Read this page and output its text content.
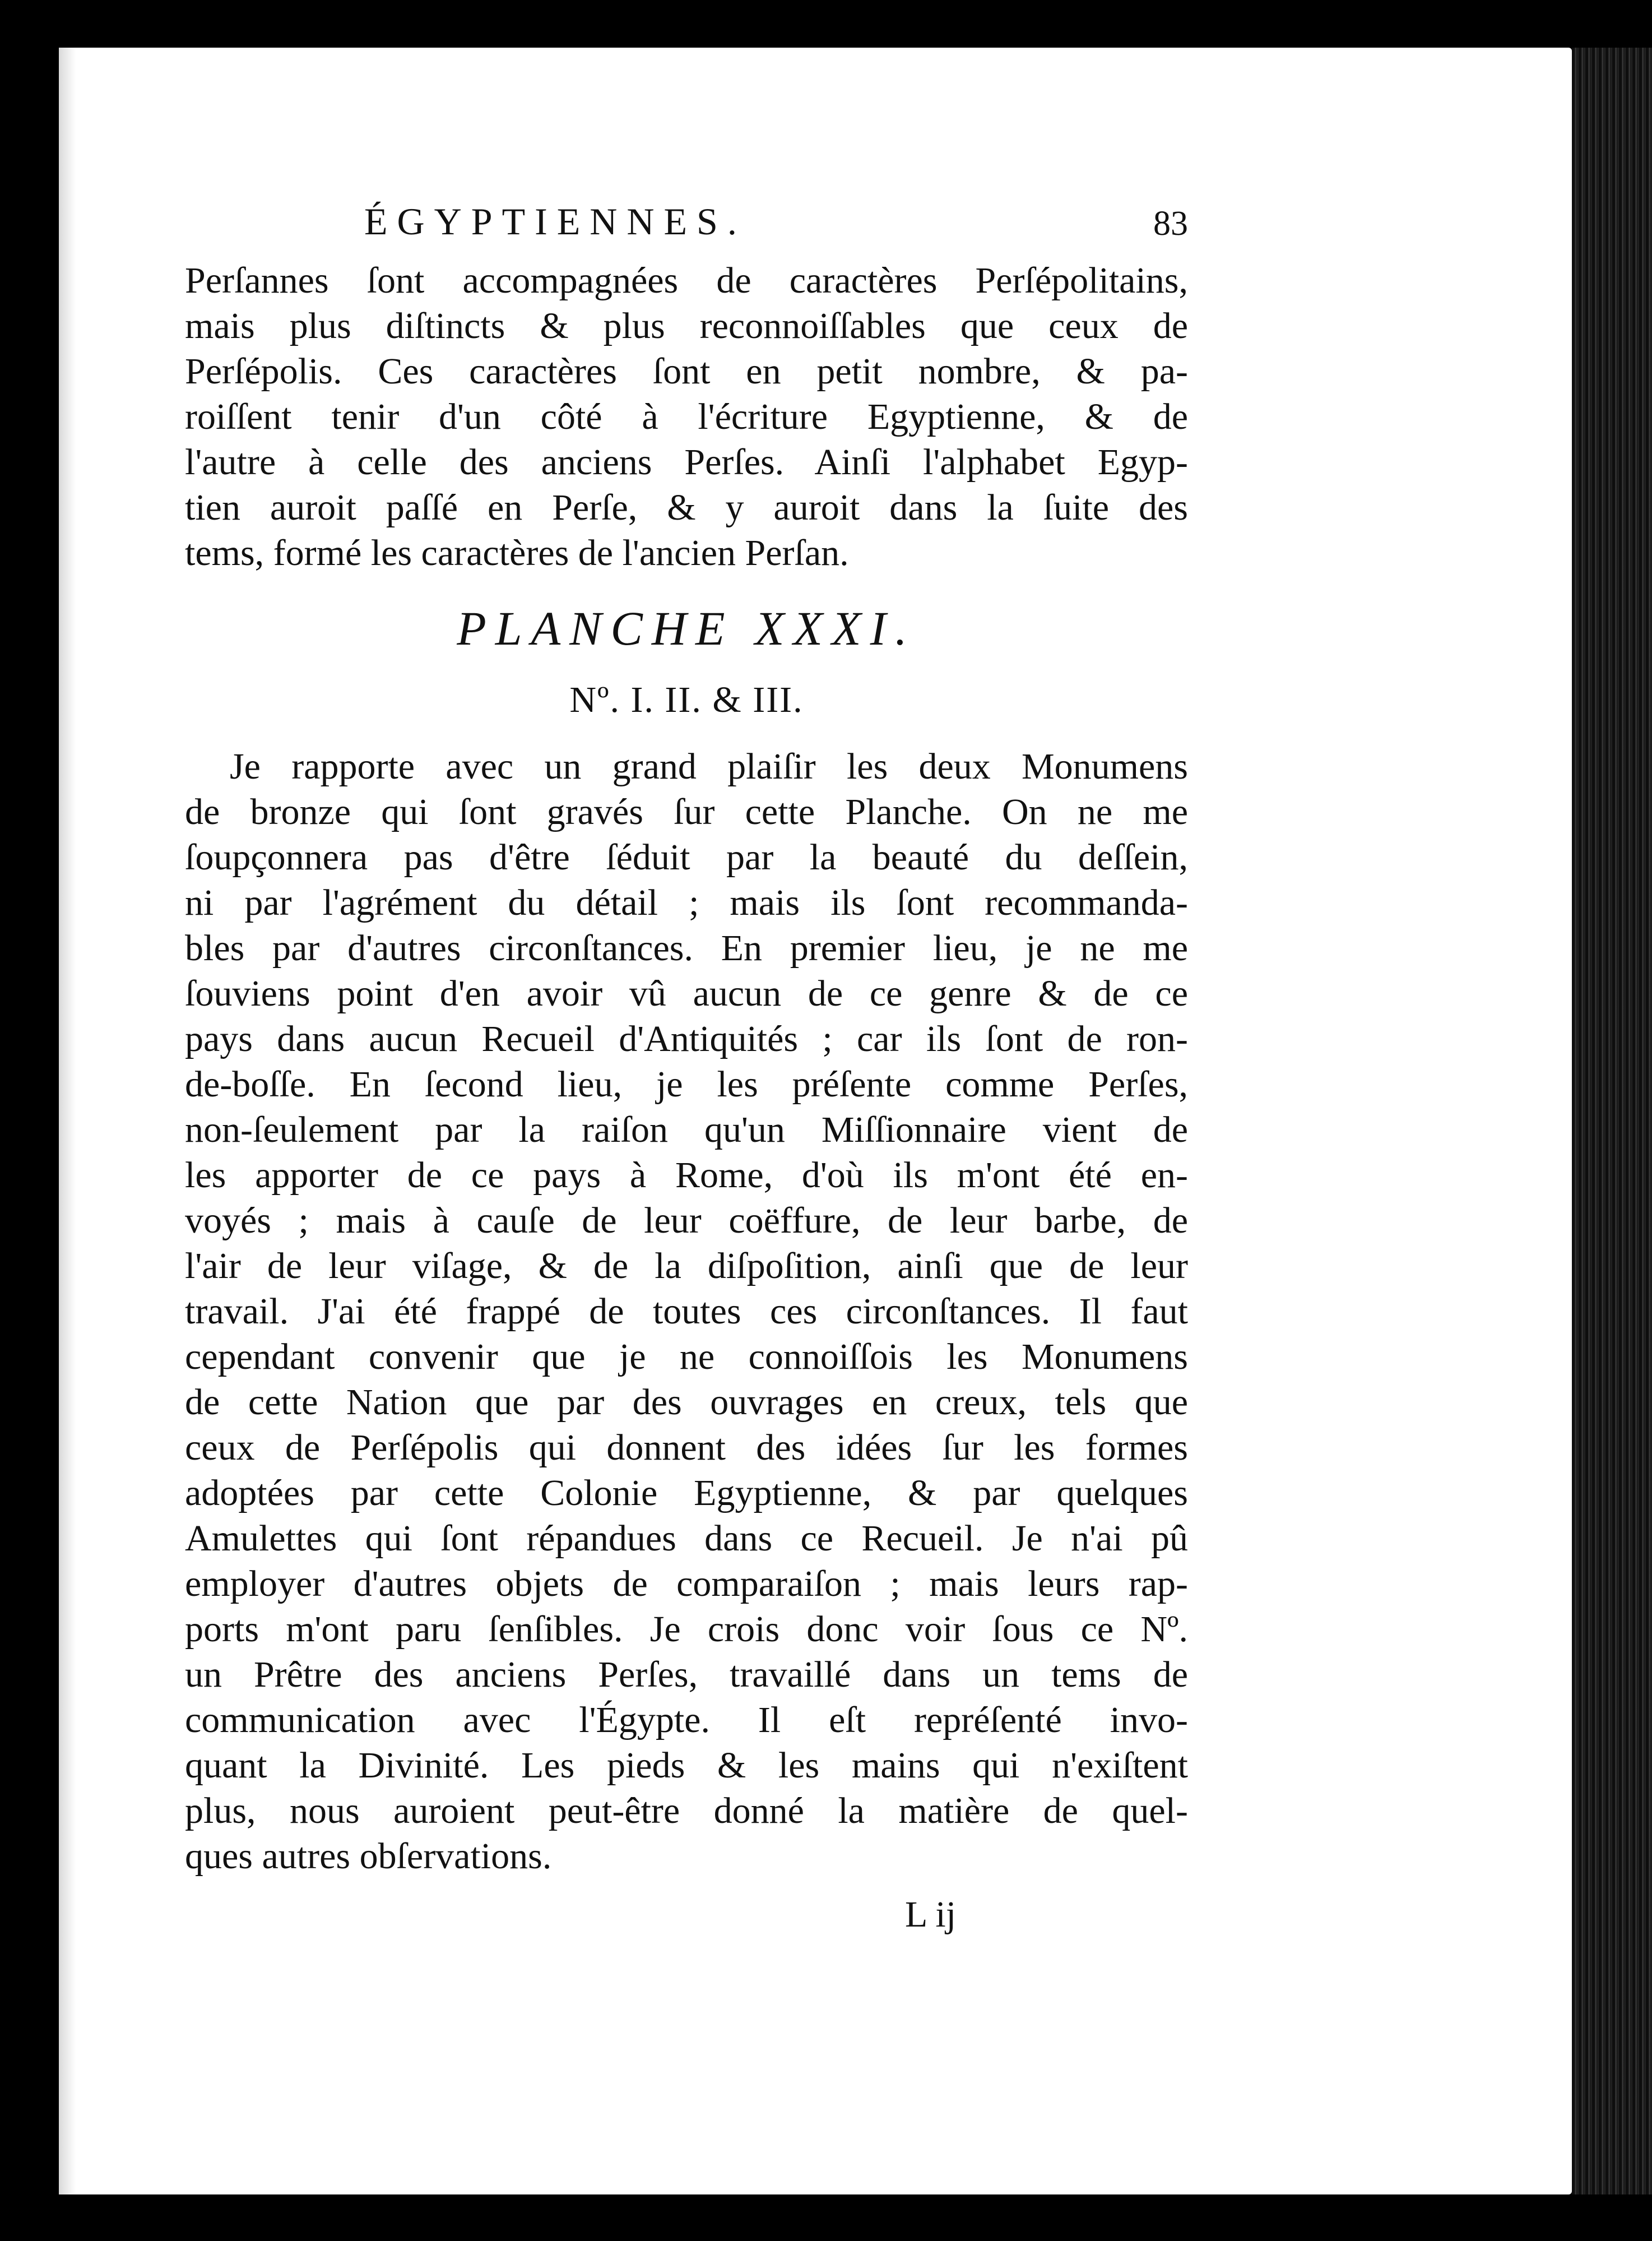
ÉGYPTIENNES.	83

Perſannes ſont accompagnées de caractères Perſépolitains,
mais plus diſtincts & plus reconnoiſſables que ceux de
Perſépolis. Ces caractères ſont en petit nombre, & pa-
roiſſent tenir d'un côté à l'écriture Egyptienne, & de
l'autre à celle des anciens Perſes. Ainſi l'alphabet Egyp-
tien auroit paſſé en Perſe, & y auroit dans la ſuite des
tems, formé les caractères de l'ancien Perſan.

PLANCHE XXXI.
Nº. I. II. & III.

Je rapporte avec un grand plaiſir les deux Monumens
de bronze qui ſont gravés ſur cette Planche. On ne me
ſoupçonnera pas d'être ſéduit par la beauté du deſſein,
ni par l'agrément du détail ; mais ils ſont recommanda-
bles par d'autres circonſtances. En premier lieu, je ne me
ſouviens point d'en avoir vû aucun de ce genre & de ce
pays dans aucun Recueil d'Antiquités ; car ils ſont de ron-
de-boſſe. En ſecond lieu, je les préſente comme Perſes,
non-ſeulement par la raiſon qu'un Miſſionnaire vient de
les apporter de ce pays à Rome, d'où ils m'ont été en-
voyés ; mais à cauſe de leur coëffure, de leur barbe, de
l'air de leur viſage, & de la diſpoſition, ainſi que de leur
travail. J'ai été frappé de toutes ces circonſtances. Il faut
cependant convenir que je ne connoiſſois les Monumens
de cette Nation que par des ouvrages en creux, tels que
ceux de Perſépolis qui donnent des idées ſur les formes
adoptées par cette Colonie Egyptienne, & par quelques
Amulettes qui ſont répandues dans ce Recueil. Je n'ai pû
employer d'autres objets de comparaiſon ; mais leurs rap-
ports m'ont paru ſenſibles. Je crois donc voir ſous ce Nº.
un Prêtre des anciens Perſes, travaillé dans un tems de
communication avec l'Égypte. Il eſt repréſenté invo-
quant la Divinité. Les pieds & les mains qui n'exiſtent
plus, nous auroient peut-être donné la matière de quel-
ques autres obſervations.

L ij
